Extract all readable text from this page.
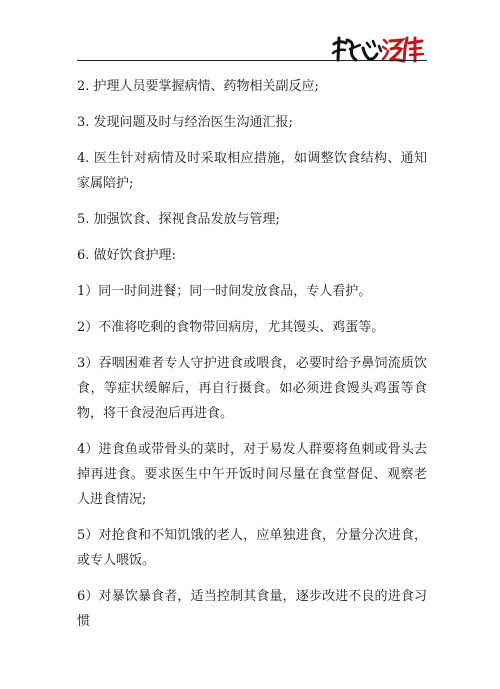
2. 护理人员要掌握病情、药物相关副反应;

3. 发现问题及时与经治医生沟通汇报;

4. 医生针对病情及时采取相应措施，如调整饮食结构、通知家属陪护;

5. 加强饮食、探视食品发放与管理;

6. 做好饮食护理:

1）同一时间进餐；同一时间发放食品，专人看护。

2）不准将吃剩的食物带回病房，尤其馒头、鸡蛋等。

3）吞咽困难者专人守护进食或喂食，必要时给予鼻饲流质饮食，等症状缓解后，再自行摄食。如必须进食馒头鸡蛋等食物，将干食浸泡后再进食。

4）进食鱼或带骨头的菜时，对于易发人群要将鱼刺或骨头去掉再进食。要求医生中午开饭时间尽量在食堂督促、观察老人进食情况;

5）对抢食和不知饥饿的老人，应单独进食，分量分次进食，或专人喂饭。

6）对暴饮暴食者，适当控制其食量，逐步改进不良的进食习惯
